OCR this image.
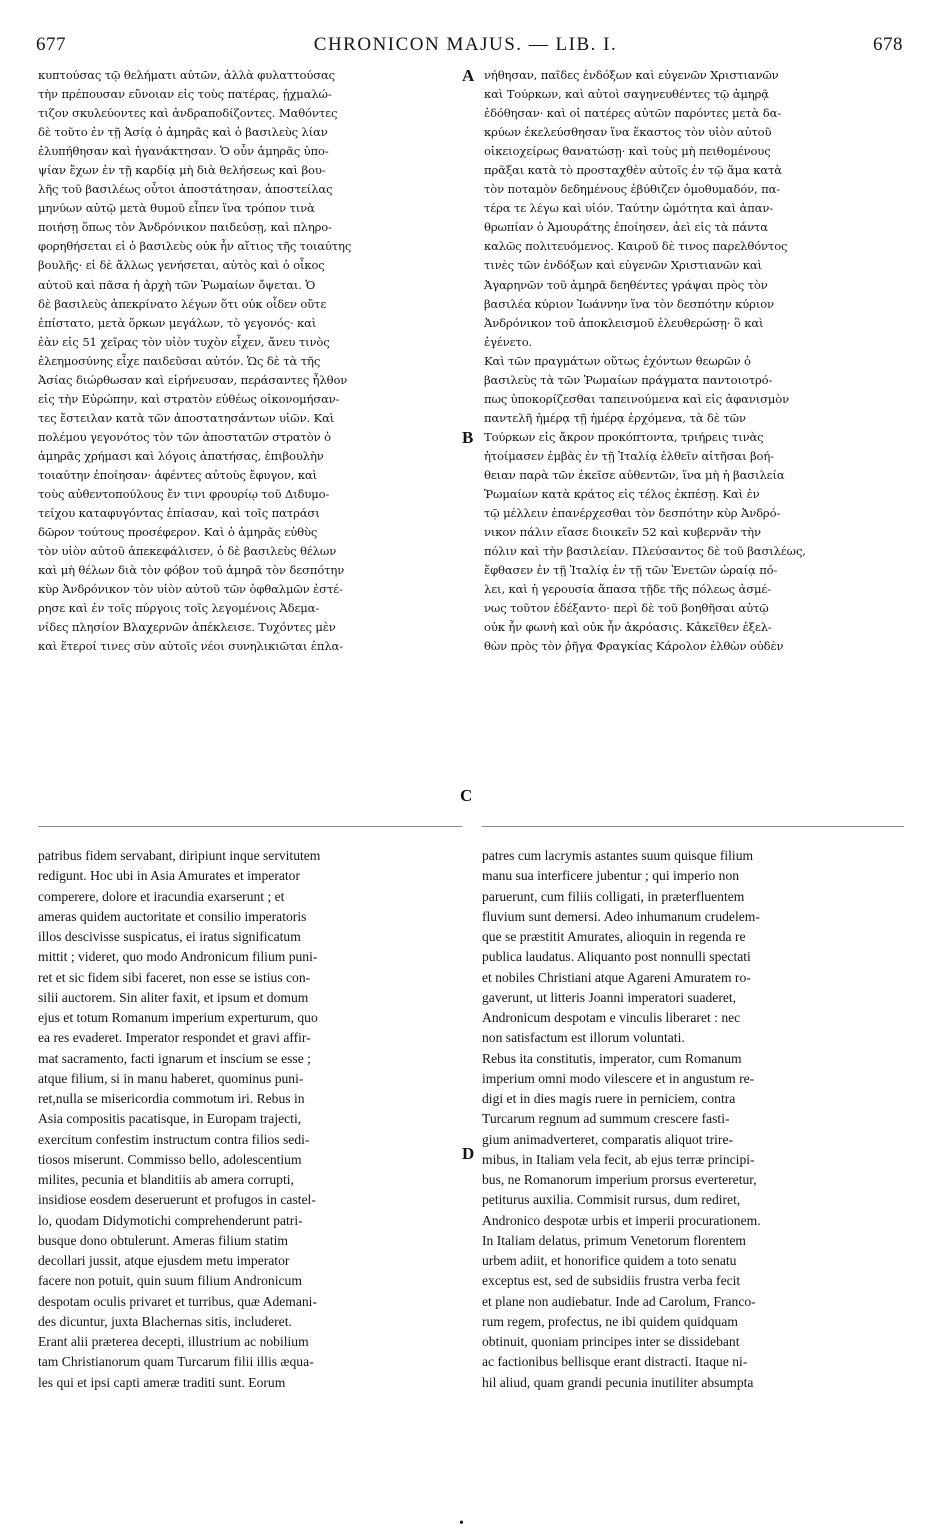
677	CHRONICON MAJUS. — LIB. I.	678
κυπτούσας τῷ θελήματι αὐτῶν, ἀλλὰ φυλαττούσας
τὴν πρέπουσαν εὔνοιαν εἰς τοὺς πατέρας, ᾐχμαλώ-
τιζον σκυλεύοντες καὶ ἀνδραποδίζοντες. Μαθόντες
δὲ τοῦτο ἐν τῇ Ἀσίᾳ ὁ ἀμηρᾶς καὶ ὁ βασιλεὺς λίαν
ἐλυπήθησαν καὶ ἠγανάκτησαν. Ὁ οὖν ἀμηρᾶς ὑπο-
ψίαν ἔχων ἐν τῇ καρδίᾳ μὴ διὰ θελήσεως καὶ βου-
λῆς τοῦ βασιλέως οὗτοι ἀποστάτησαν, ἀποστείλας
μηνύων αὐτῷ μετὰ θυμοῦ εἶπεν ἵνα τρόπον τινὰ
ποιήσῃ ὅπως τὸν Ἀνδρόνικον παιδεύσῃ, καὶ πληρο-
φορηθήσεται εἰ ὁ βασιλεὺς οὐκ ἦν αἴτιος τῆς τοιαύτης
βουλῆς· εἰ δὲ ἄλλως γενήσεται, αὐτὸς καὶ ὁ οἶκος
αὐτοῦ καὶ πᾶσα ἡ ἀρχὴ τῶν Ῥωμαίων ὄψεται. Ὁ
δὲ βασιλεὺς ἀπεκρίνατο λέγων ὅτι οὐκ οἶδεν οὔτε
ἐπίστατο, μετὰ ὅρκων μεγάλων, τὸ γεγονός· καὶ
ἐὰν εἰς 51 χεῖρας τὸν υἱὸν τυχὸν εἶχεν, ἄνευ τινὸς
ἐλεημοσύνης εἶχε παιδεῦσαι αὐτόν. Ὡς δὲ τὰ τῆς
Ἀσίας διώρθωσαν καὶ εἰρήνευσαν, περάσαντες ἦλθον
εἰς τὴν Εὐρώπην, καὶ στρατὸν εὐθέως οἰκονομήσαν-
τες ἔστειλαν κατὰ τῶν ἀποστατησάντων υἱῶν. Καὶ
πολέμου γεγονότος τὸν τῶν ἀποστατῶν στρατὸν ὁ
ἀμηρᾶς χρήμασι καὶ λόγοις ἀπατήσας, ἐπιβουλὴν
τοιαύτην ἐποίησαν· ἀφέντες αὐτοὺς ἔφυγον, καὶ
τοὺς αὐθεντοπούλους ἔν τινι φρουρίῳ τοῦ Διδυμο-
τείχου καταφυγόντας ἐπίασαν, καὶ τοῖς πατράσι
δῶρον τούτους προσέφερον. Καὶ ὁ ἀμηρᾶς εὐθὺς
τὸν υἱὸν αὐτοῦ ἀπεκεφάλισεν, ὁ δὲ βασιλεὺς θέλων
καὶ μὴ θέλων διὰ τὸν φόβον τοῦ ἀμηρᾶ τὸν δεσπότην
κὺρ Ἀνδρόνικον τὸν υἱὸν αὐτοῦ τῶν ὀφθαλμῶν ἐστέ-
ρησε καὶ ἐν τοῖς πύργοις τοῖς λεγομένοις Ἀδεμα-
νίδες πλησίον Βλαχερνῶν ἀπέκλεισε. Τυχόντες μὲν
καὶ ἕτεροί τινες σὺν αὐτοῖς νέοι συνηλικιῶται ἐπλα-
νήθησαν, παῖδες ἐνδόξων καὶ εὐγενῶν Χριστιανῶν
καὶ Τούρκων, καὶ αὐτοὶ σαγηνευθέντες τῷ ἀμηρᾷ
ἐδόθησαν· καὶ οἱ πατέρες αὐτῶν παρόντες μετὰ δα-
κρύων ἐκελεύσθησαν ἵνα ἕκαστος τὸν υἱὸν αὐτοῦ
οἰκειοχείρως θανατώσῃ· καὶ τοὺς μὴ πειθομένους
πρᾶξαι κατὰ τὸ προσταχθὲν αὐτοῖς ἐν τῷ ἅμα κατὰ
τὸν ποταμὸν δεδημένους ἐβύθιζεν ὁμοθυμαδόν, πα-
τέρα τε λέγω καὶ υἱόν. Ταύτην ὠμότητα καὶ ἀπαν-
θρωπίαν ὁ Ἀμουράτης ἐποίησεν, ἀεὶ εἰς τὰ πάντα
καλῶς πολιτευόμενος. Καιροῦ δὲ τινος παρελθόντος
τινὲς τῶν ἐνδόξων καὶ εὐγενῶν Χριστιανῶν καὶ
Ἀγαρηνῶν τοῦ ἀμηρᾶ δεηθέντες γράψαι πρὸς τὸν
βασιλέα κύριον Ἰωάννην ἵνα τὸν δεσπότην κύριον
Ἀνδρόνικον τοῦ ἀποκλεισμοῦ ἐλευθερώσῃ· ὃ καὶ
ἐγένετο.
Καὶ τῶν πραγμάτων οὕτως ἐχόντων θεωρῶν ὁ
βασιλεὺς τὰ τῶν Ῥωμαίων πράγματα παντοιοτρό-
πως ὑποκορίζεσθαι ταπεινούμενα καὶ εἰς ἀφανισμὸν
παντελῆ ἡμέρᾳ τῇ ἡμέρᾳ ἐρχόμενα, τὰ δὲ τῶν
Τούρκων εἰς ἄκρον προκόπτοντα, τριήρεις τινὰς
ἡτοίμασεν ἐμβὰς ἐν τῇ Ἰταλίᾳ ἐλθεῖν αἰτῆσαι βοή-
θειαν παρὰ τῶν ἐκεῖσε αὐθεντῶν, ἵνα μὴ ἡ βασιλεία
Ῥωμαίων κατὰ κράτος εἰς τέλος ἐκπέσῃ. Καὶ ἐν
τῷ μέλλειν ἐπανέρχεσθαι τὸν δεσπότην κὺρ Ἀνδρό-
νικον πάλιν εἴασε διοικεῖν 52 καὶ κυβερνᾶν τὴν
πόλιν καὶ τὴν βασιλείαν. Πλεύσαντος δὲ τοῦ βασιλέως,
ἔφθασεν ἐν τῇ Ἰταλίᾳ ἐν τῇ τῶν Ἐνετῶν ὡραίᾳ πό-
λει, καὶ ἡ γερουσία ἅπασα τῇδε τῆς πόλεως ἀσμέ-
νως τοῦτον ἐδέξαντο· περὶ δὲ τοῦ βοηθῆσαι αὐτῷ
οὐκ ἦν φωνὴ καὶ οὐκ ἦν ἀκρόασις. Κἀκεῖθεν ἐξελ-
θὼν πρὸς τὸν ῥῆγα Φραγκίας Κάρολον ἐλθὼν οὐδὲν
A
B
C
D
patribus fidem servabant, diripiunt inque servitutem
redigunt. Hoc ubi in Asia Amurates et imperator
comperere, dolore et iracundia exarserunt ; et
ameras quidem auctoritate et consilio imperatoris
illos descivisse suspicatus, ei iratus significatum
mittit ; videret, quo modo Andronicum filium puni-
ret et sic fidem sibi faceret, non esse se istius con-
silii auctorem. Sin aliter faxit, et ipsum et domum
ejus et totum Romanum imperium experturum, quo
ea res evaderet. Imperator respondet et gravi affir-
mat sacramento, facti ignarum et inscium se esse ;
atque filium, si in manu haberet, quominus puni-
ret,nulla se misericordia commotum iri. Rebus in
Asia compositis pacatisque, in Europam trajecti,
exercitum confestim instructum contra filios sedi-
tiosos miserunt. Commisso bello, adolescentium
milites, pecunia et blanditiis ab amera corrupti,
insidiose eosdem deseruerunt et profugos in castel-
lo, quodam Didymotichi comprehenderunt patri-
busque dono obtulerunt. Ameras filium statim
decollari jussit, atque ejusdem metu imperator
facere non potuit, quin suum filium Andronicum
despotam oculis privaret et turribus, quæ Ademani-
des dicuntur, juxta Blachernas sitis, includeret.
Erant alii præterea decepti, illustrium ac nobilium
tam Christianorum quam Turcarum filii illis æqua-
les qui et ipsi capti ameræ traditi sunt. Eorum
patres cum lacrymis astantes suum quisque filium
manu sua interficere jubentur ; qui imperio non
paruerunt, cum filiis colligati, in præterfluentem
fluvium sunt demersi. Adeo inhumanum crudelem-
que se præstitit Amurates, alioquin in regenda re
publica laudatus. Aliquanto post nonnulli spectati
et nobiles Christiani atque Agareni Amuratem ro-
gaverunt, ut litteris Joanni imperatori suaderet,
Andronicum despotam e vinculis liberaret : nec
non satisfactum est illorum voluntati.
Rebus ita constitutis, imperator, cum Romanum
imperium omni modo vilescere et in angustum re-
digi et in dies magis ruere in perniciem, contra
Turcarum regnum ad summum crescere fasti-
gium animadverteret, comparatis aliquot trire-
mibus, in Italiam vela fecit, ab ejus terræ principi-
bus, ne Romanorum imperium prorsus everteretur,
petiturus auxilia. Commisit rursus, dum rediret,
Andronico despotæ urbis et imperii procurationem.
In Italiam delatus, primum Venetorum florentem
urbem adiit, et honorifice quidem a toto senatu
exceptus est, sed de subsidiis frustra verba fecit
et plane non audiebatur. Inde ad Carolum, Franco-
rum regem, profectus, ne ibi quidem quidquam
obtinuit, quoniam principes inter se dissidebant
ac factionibus bellisque erant distracti. Itaque ni-
hil aliud, quam grandi pecunia inutiliter absumpta
•
